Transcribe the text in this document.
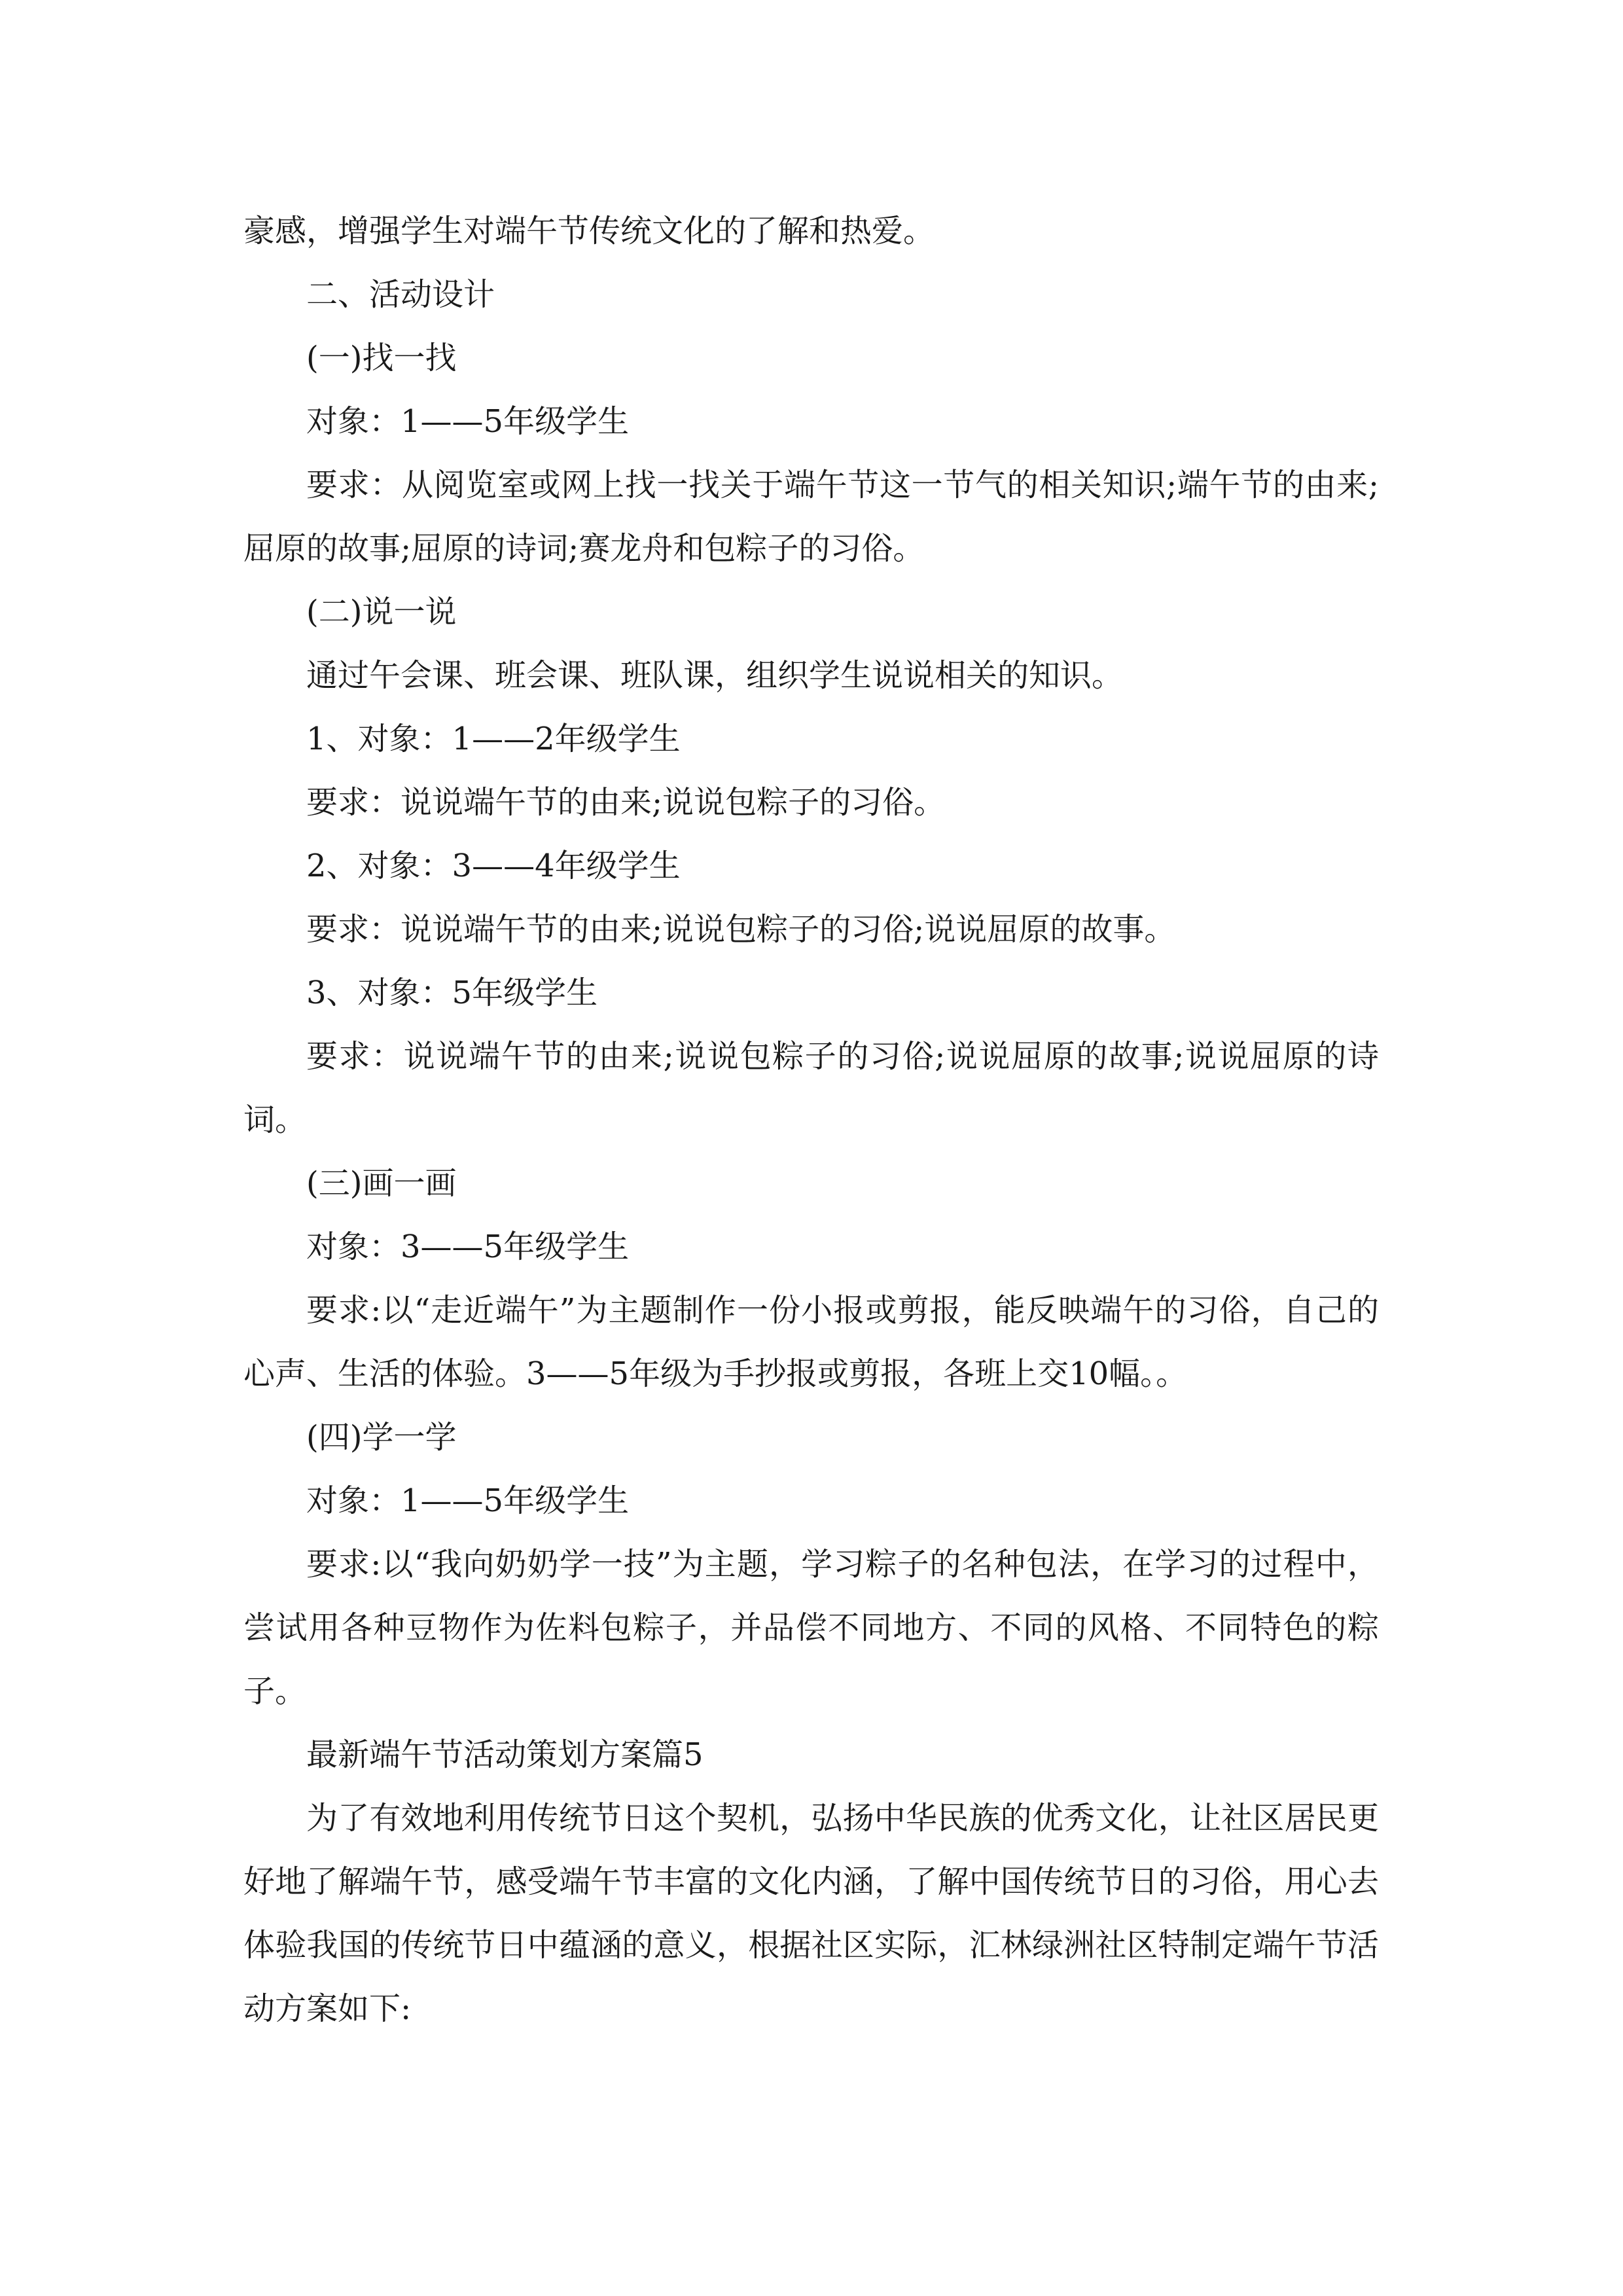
豪感，增强学生对端午节传统文化的了解和热爱。

二、活动设计

(一)找一找

对象：1——5年级学生

要求：从阅览室或网上找一找关于端午节这一节气的相关知识;端午节的由来;屈原的故事;屈原的诗词;赛龙舟和包粽子的习俗。

(二)说一说

通过午会课、班会课、班队课，组织学生说说相关的知识。

1、对象：1——2年级学生

要求：说说端午节的由来;说说包粽子的习俗。

2、对象：3——4年级学生

要求：说说端午节的由来;说说包粽子的习俗;说说屈原的故事。

3、对象：5年级学生

要求：说说端午节的由来;说说包粽子的习俗;说说屈原的故事;说说屈原的诗词。

(三)画一画

对象：3——5年级学生

要求:以“走近端午”为主题制作一份小报或剪报，能反映端午的习俗，自己的心声、生活的体验。3——5年级为手抄报或剪报，各班上交10幅。。

(四)学一学

对象：1——5年级学生

要求:以“我向奶奶学一技”为主题，学习粽子的名种包法，在学习的过程中，尝试用各种豆物作为佐料包粽子，并品偿不同地方、不同的风格、不同特色的粽子。

最新端午节活动策划方案篇5

为了有效地利用传统节日这个契机，弘扬中华民族的优秀文化，让社区居民更好地了解端午节，感受端午节丰富的文化内涵，了解中国传统节日的习俗，用心去体验我国的传统节日中蕴涵的意义，根据社区实际，汇林绿洲社区特制定端午节活动方案如下:
